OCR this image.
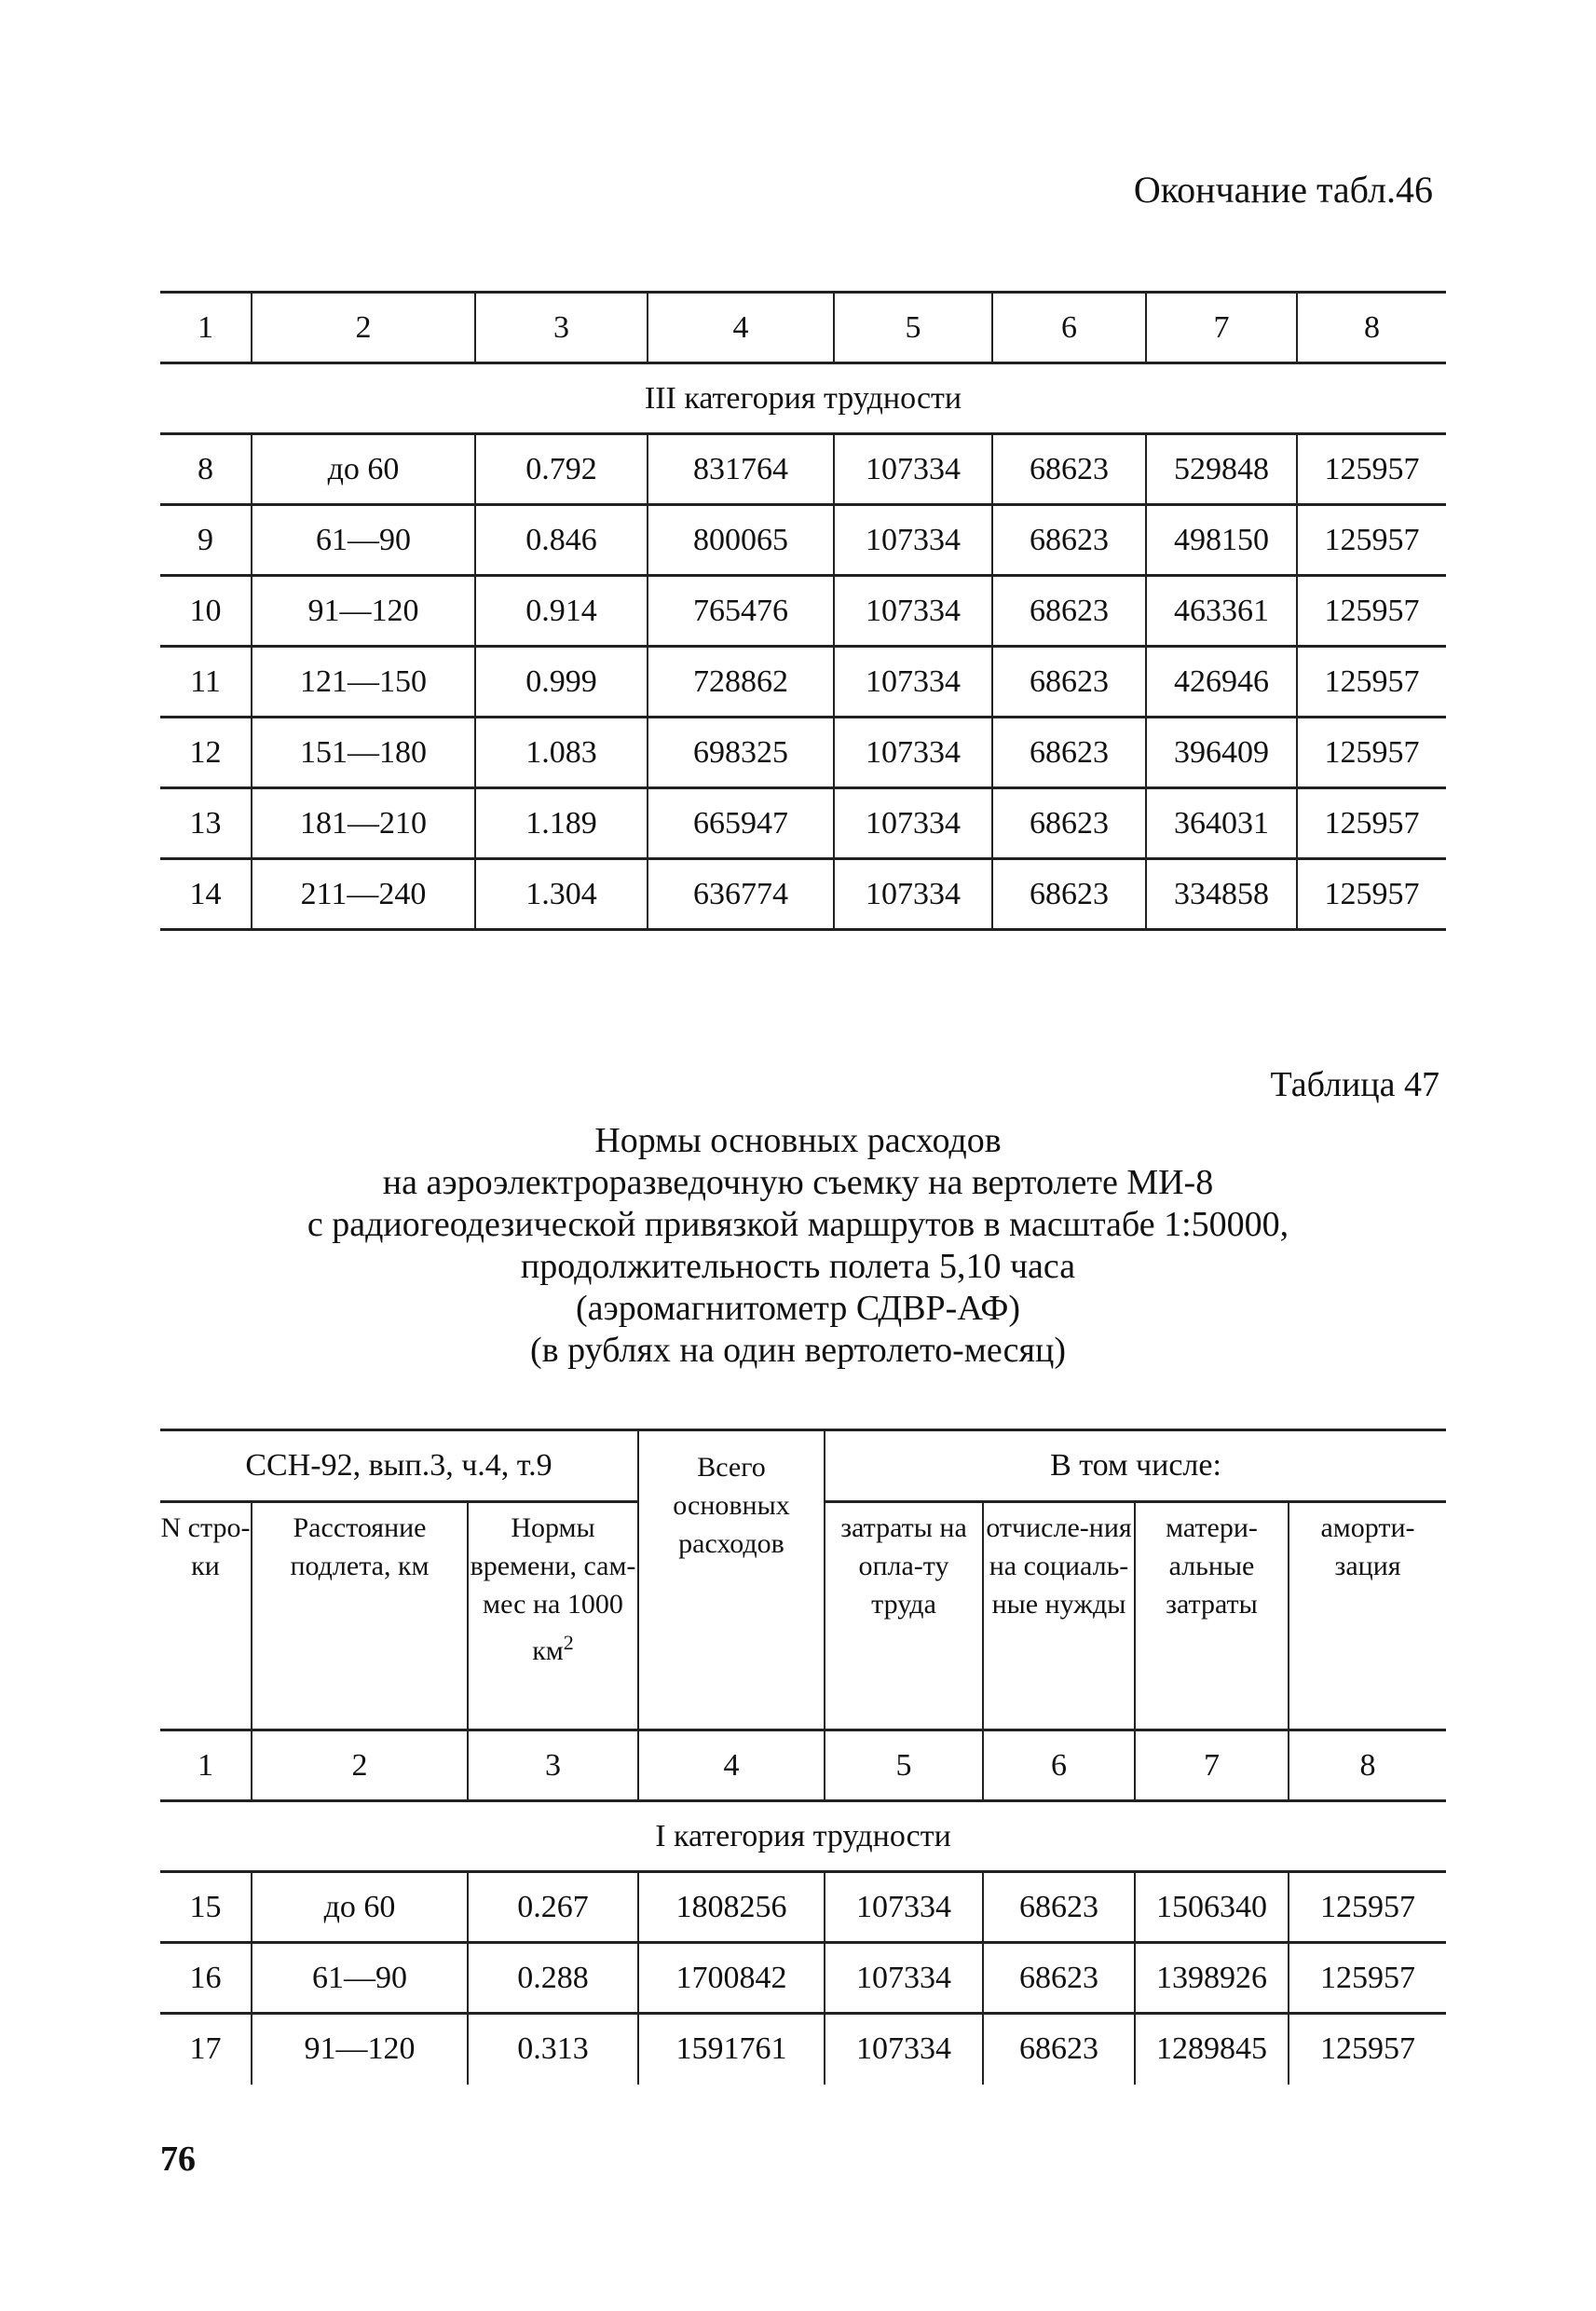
Окончание табл.46
1	2	3	4	5	6	7	8
III категория трудности							
8	до 60	0.792	831764	107334	68623	529848	125957
9	61—90	0.846	800065	107334	68623	498150	125957
10	91—120	0.914	765476	107334	68623	463361	125957
11	121—150	0.999	728862	107334	68623	426946	125957
12	151—180	1.083	698325	107334	68623	396409	125957
13	181—210	1.189	665947	107334	68623	364031	125957
14	211—240	1.304	636774	107334	68623	334858	125957
Таблица 47
Нормы основных расходов
на аэроэлектроразведочную съемку на вертолете МИ-8
с радиогеодезической привязкой маршрутов в масштабе 1:50000,
продолжительность полета 5,10 часа
(аэромагнитометр СДВР-АФ)
(в рублях на один вертолето-месяц)
ССН-92, вып.3, ч.4, т.9			Всего основных расходов	В том числе:			
N стро-ки	Расстояние подлета, км	Нормы времени, сам-мес на 1000 $км^2$		затраты на опла-ту труда	отчисле-ния на социаль-ные нужды	матери-альные затраты	аморти-зация
1	2	3	4	5	6	7	8
I категория трудности							
15	до 60	0.267	1808256	107334	68623	1506340	125957
16	61—90	0.288	1700842	107334	68623	1398926	125957
17	91—120	0.313	1591761	107334	68623	1289845	125957
76
